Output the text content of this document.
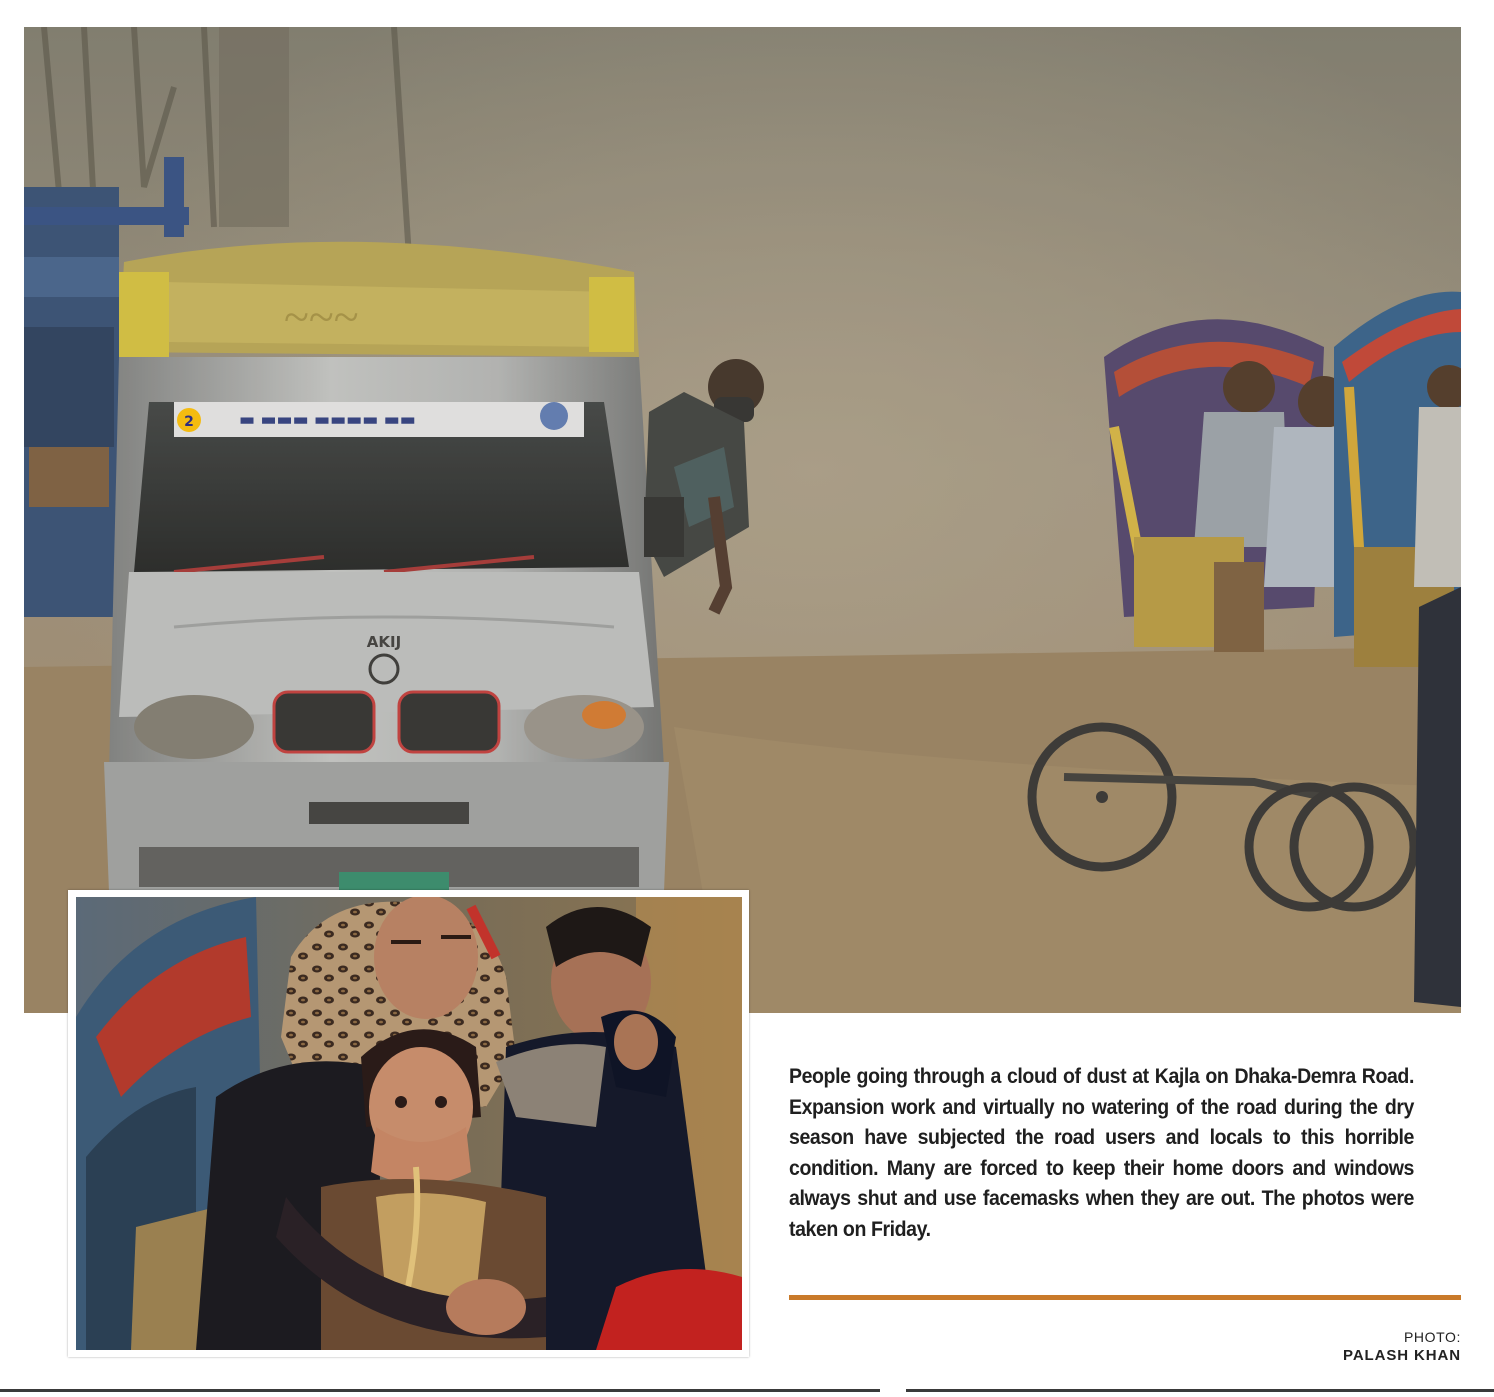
~~~
▬ ▬▬▬ ▬▬▬▬ ▬▬
2
AKIJ

People going through a cloud of dust at Kajla on Dhaka-Demra Road. Expansion work and virtually no watering of the road during the dry season have subjected the road users and locals to this horrible condition. Many are forced to keep their home doors and windows always shut and use facemasks when they are out. The photos were taken on Friday.

PHOTO:
PALASH KHAN
